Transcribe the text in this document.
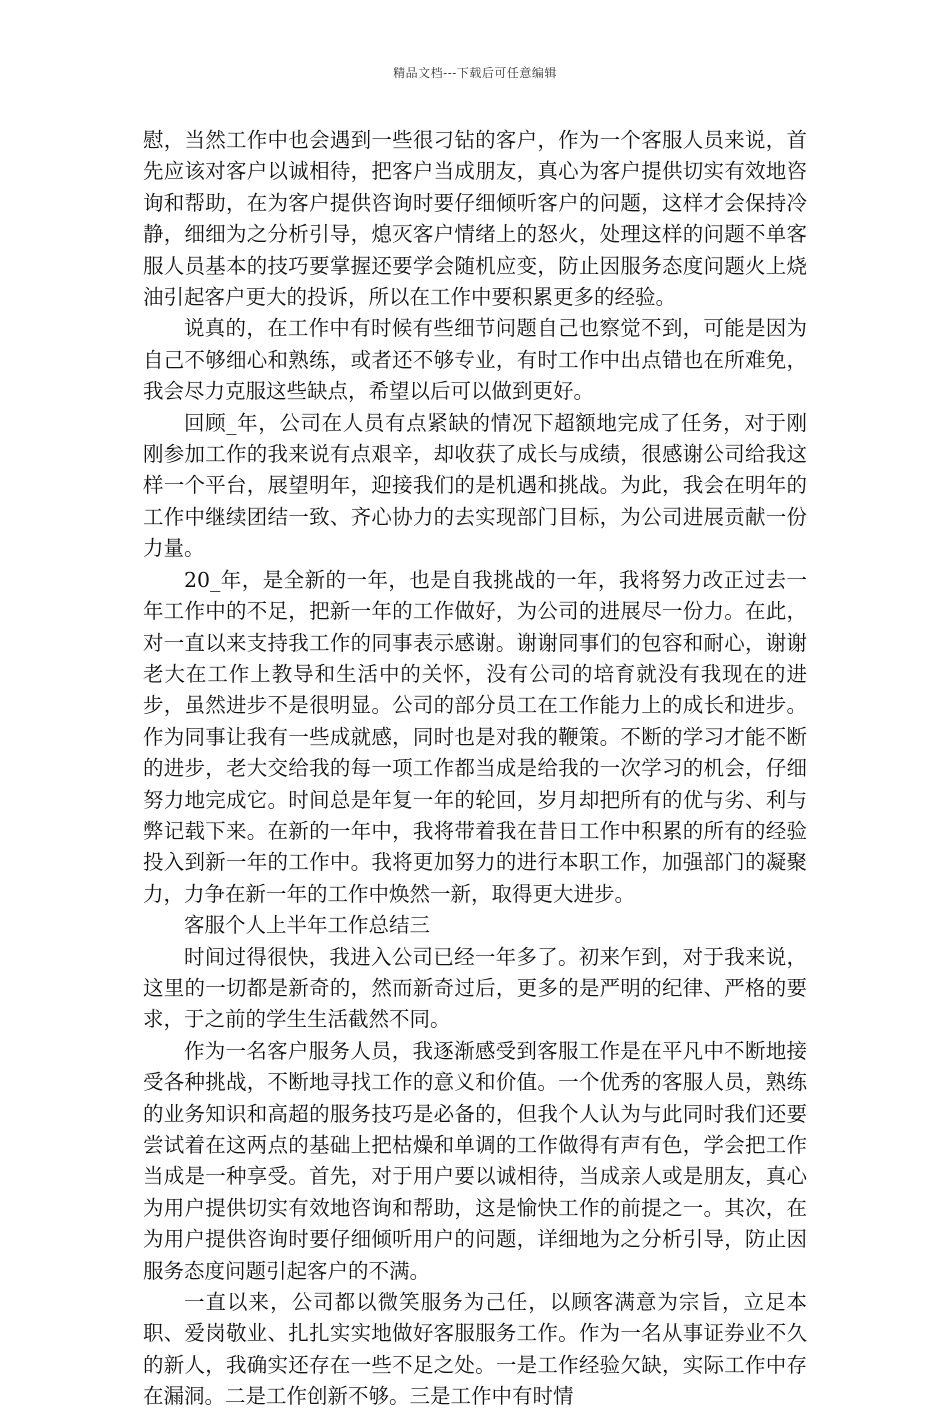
精品文档---下载后可任意编辑

慰，当然工作中也会遇到一些很刁钻的客户，作为一个客服人员来说，首先应该对客户以诚相待，把客户当成朋友，真心为客户提供切实有效地咨询和帮助，在为客户提供咨询时要仔细倾听客户的问题，这样才会保持冷静，细细为之分析引导，熄灭客户情绪上的怒火，处理这样的问题不单客服人员基本的技巧要掌握还要学会随机应变，防止因服务态度问题火上烧油引起客户更大的投诉，所以在工作中要积累更多的经验。

说真的，在工作中有时候有些细节问题自己也察觉不到，可能是因为自己不够细心和熟练，或者还不够专业，有时工作中出点错也在所难免，我会尽力克服这些缺点，希望以后可以做到更好。

回顾_年，公司在人员有点紧缺的情况下超额地完成了任务，对于刚刚参加工作的我来说有点艰辛，却收获了成长与成绩，很感谢公司给我这样一个平台，展望明年，迎接我们的是机遇和挑战。为此，我会在明年的工作中继续团结一致、齐心协力的去实现部门目标，为公司进展贡献一份力量。

20_年，是全新的一年，也是自我挑战的一年，我将努力改正过去一年工作中的不足，把新一年的工作做好，为公司的进展尽一份力。在此，对一直以来支持我工作的同事表示感谢。谢谢同事们的包容和耐心，谢谢老大在工作上教导和生活中的关怀，没有公司的培育就没有我现在的进步，虽然进步不是很明显。公司的部分员工在工作能力上的成长和进步。作为同事让我有一些成就感，同时也是对我的鞭策。不断的学习才能不断的进步，老大交给我的每一项工作都当成是给我的一次学习的机会，仔细努力地完成它。时间总是年复一年的轮回，岁月却把所有的优与劣、利与弊记载下来。在新的一年中，我将带着我在昔日工作中积累的所有的经验投入到新一年的工作中。我将更加努力的进行本职工作，加强部门的凝聚力，力争在新一年的工作中焕然一新，取得更大进步。

客服个人上半年工作总结三

时间过得很快，我进入公司已经一年多了。初来乍到，对于我来说，这里的一切都是新奇的，然而新奇过后，更多的是严明的纪律、严格的要求，于之前的学生生活截然不同。

作为一名客户服务人员，我逐渐感受到客服工作是在平凡中不断地接受各种挑战，不断地寻找工作的意义和价值。一个优秀的客服人员，熟练的业务知识和高超的服务技巧是必备的，但我个人认为与此同时我们还要尝试着在这两点的基础上把枯燥和单调的工作做得有声有色，学会把工作当成是一种享受。首先，对于用户要以诚相待，当成亲人或是朋友，真心为用户提供切实有效地咨询和帮助，这是愉快工作的前提之一。其次，在为用户提供咨询时要仔细倾听用户的问题，详细地为之分析引导，防止因服务态度问题引起客户的不满。

一直以来，公司都以微笑服务为己任，以顾客满意为宗旨，立足本职、爱岗敬业、扎扎实实地做好客服服务工作。作为一名从事证券业不久的新人，我确实还存在一些不足之处。一是工作经验欠缺，实际工作中存在漏洞。二是工作创新不够。三是工作中有时情
